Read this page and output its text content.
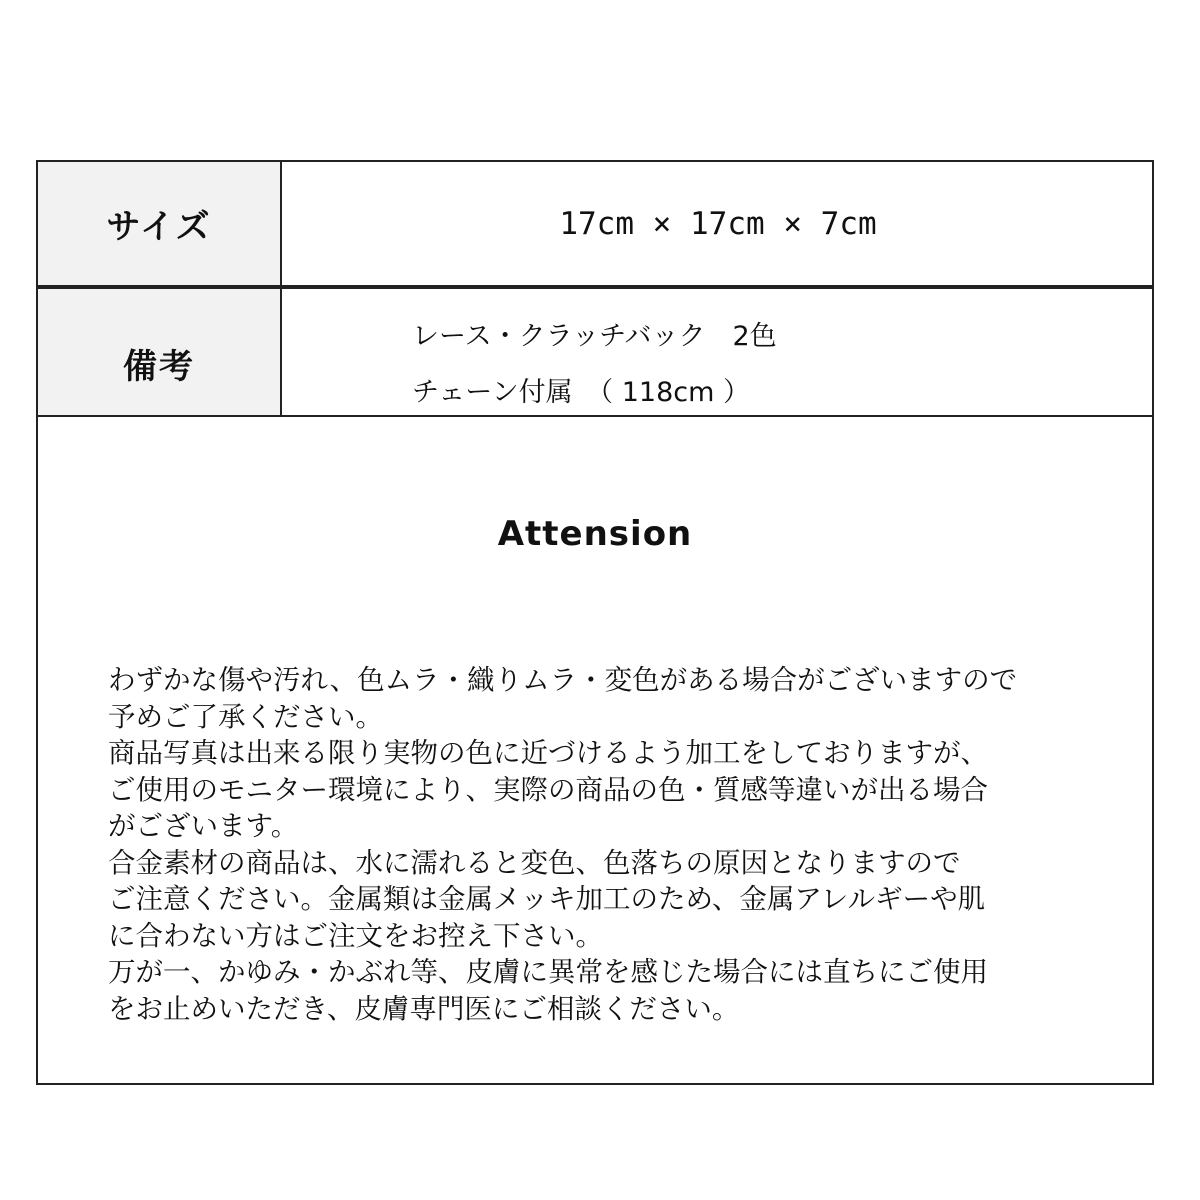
サイズ	17cm × 17cm × 7cm
備考
レース・クラッチバック　2色
チェーン付属　（ 118cm ）
Attension
わずかな傷や汚れ、色ムラ・織りムラ・変色がある場合がございますので
予めご了承ください。
商品写真は出来る限り実物の色に近づけるよう加工をしておりますが、
ご使用のモニター環境により、実際の商品の色・質感等違いが出る場合
がございます。
合金素材の商品は、水に濡れると変色、色落ちの原因となりますので
ご注意ください。金属類は金属メッキ加工のため、金属アレルギーや肌
に合わない方はご注文をお控え下さい。
万が一、かゆみ・かぶれ等、皮膚に異常を感じた場合には直ちにご使用
をお止めいただき、皮膚専門医にご相談ください。
